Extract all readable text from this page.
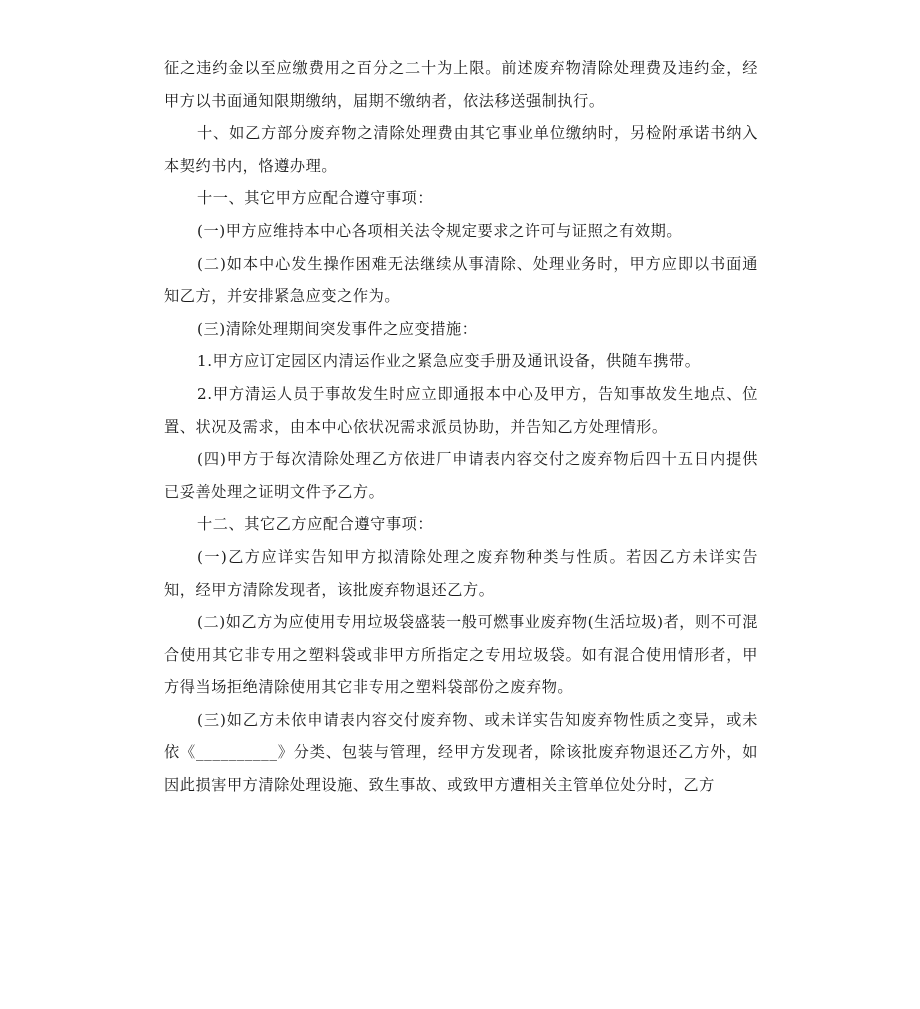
征之违约金以至应缴费用之百分之二十为上限。前述废弃物清除处理费及违约金，经甲方以书面通知限期缴纳，届期不缴纳者，依法移送强制执行。

十、如乙方部分废弃物之清除处理费由其它事业单位缴纳时，另检附承诺书纳入本契约书内，恪遵办理。

十一、其它甲方应配合遵守事项：

(一)甲方应维持本中心各项相关法令规定要求之许可与证照之有效期。

(二)如本中心发生操作困难无法继续从事清除、处理业务时，甲方应即以书面通知乙方，并安排紧急应变之作为。

(三)清除处理期间突发事件之应变措施：

1.甲方应订定园区内清运作业之紧急应变手册及通讯设备，供随车携带。

2.甲方清运人员于事故发生时应立即通报本中心及甲方，告知事故发生地点、位置、状况及需求，由本中心依状况需求派员协助，并告知乙方处理情形。

(四)甲方于每次清除处理乙方依进厂申请表内容交付之废弃物后四十五日内提供已妥善处理之证明文件予乙方。

十二、其它乙方应配合遵守事项：

(一)乙方应详实告知甲方拟清除处理之废弃物种类与性质。若因乙方未详实告知，经甲方清除发现者，该批废弃物退还乙方。

(二)如乙方为应使用专用垃圾袋盛装一般可燃事业废弃物(生活垃圾)者，则不可混合使用其它非专用之塑料袋或非甲方所指定之专用垃圾袋。如有混合使用情形者，甲方得当场拒绝清除使用其它非专用之塑料袋部份之废弃物。

(三)如乙方未依申请表内容交付废弃物、或未详实告知废弃物性质之变异，或未依《__________》分类、包装与管理，经甲方发现者，除该批废弃物退还乙方外，如因此损害甲方清除处理设施、致生事故、或致甲方遭相关主管单位处分时，乙方
